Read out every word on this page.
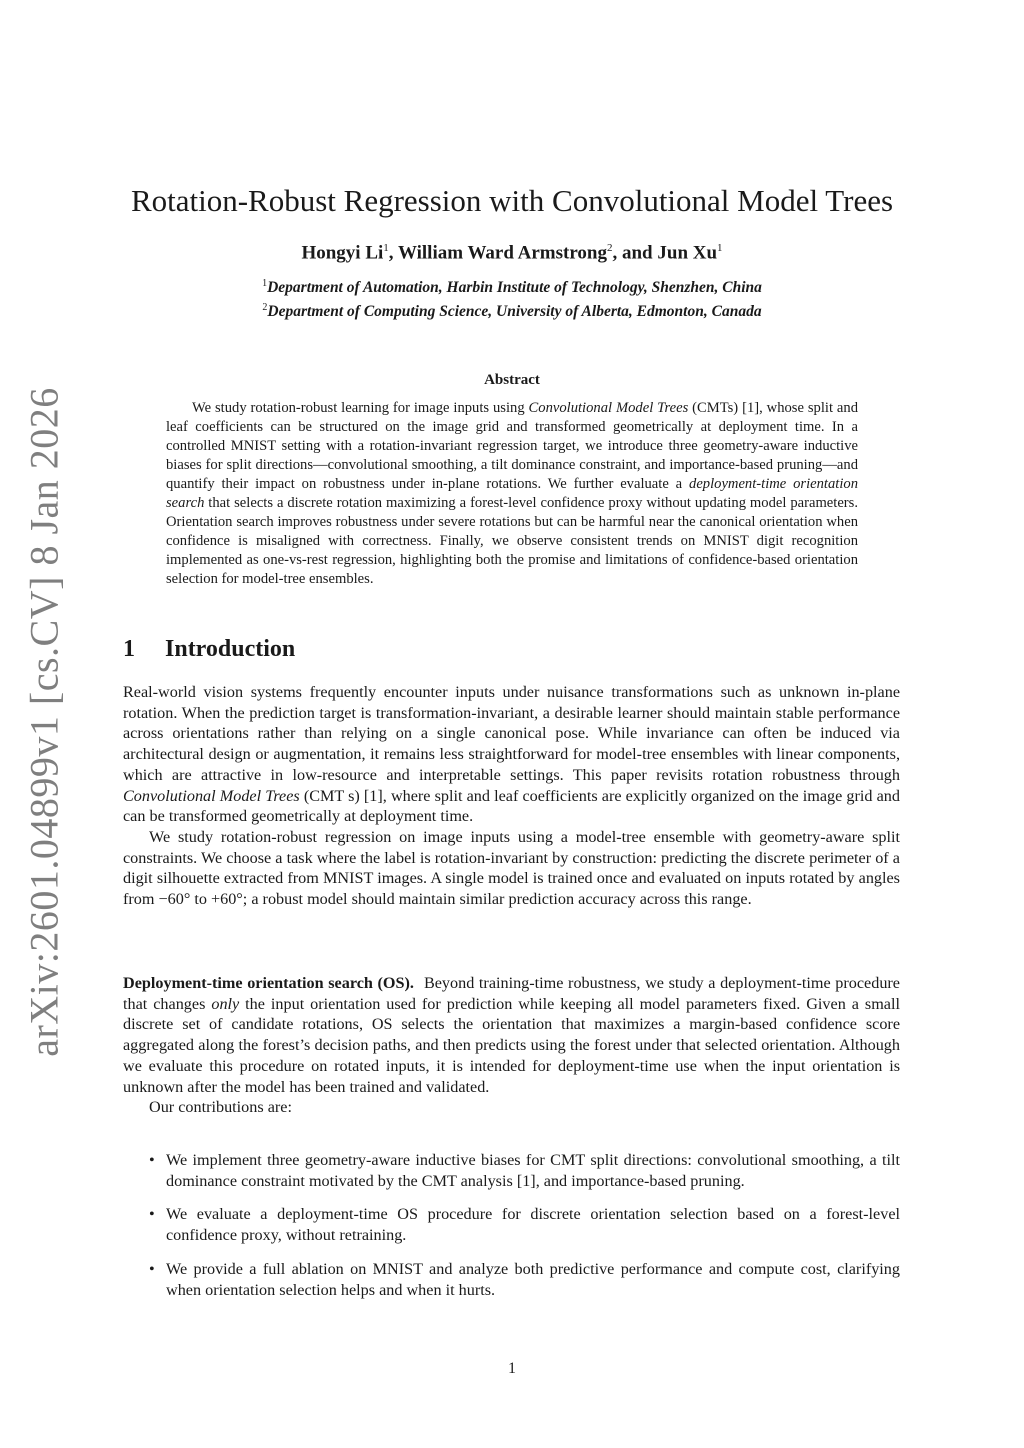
arXiv:2601.04899v1 [cs.CV] 8 Jan 2026
Rotation-Robust Regression with Convolutional Model Trees
Hongyi Li$^1$, William Ward Armstrong$^2$, and Jun Xu$^1$
$^1$Department of Automation, Harbin Institute of Technology, Shenzhen, China
$^2$Department of Computing Science, University of Alberta, Edmonton, Canada
Abstract

We study rotation-robust learning for image inputs using Convolutional Model Trees (CMTs) [1], whose split and leaf coefficients can be structured on the image grid and transformed geometrically at deployment time. In a controlled MNIST setting with a rotation-invariant regression target, we introduce three geometry-aware inductive biases for split directions—convolutional smoothing, a tilt dominance constraint, and importance-based pruning—and quantify their impact on robustness under in-plane rotations. We further evaluate a deployment-time orientation search that selects a discrete rotation maximizing a forest-level confidence proxy without updating model parameters. Orientation search improves robustness under severe rotations but can be harmful near the canonical orientation when confidence is misaligned with correctness. Finally, we observe consistent trends on MNIST digit recognition implemented as one-vs-rest regression, highlighting both the promise and limitations of confidence-based orientation selection for model-tree ensembles.

1 Introduction

Real-world vision systems frequently encounter inputs under nuisance transformations such as unknown in-plane rotation. When the prediction target is transformation-invariant, a desirable learner should maintain stable performance across orientations rather than relying on a single canonical pose. While invariance can often be induced via architectural design or augmentation, it remains less straightforward for model-tree ensembles with linear components, which are attractive in low-resource and interpretable settings. This paper revisits rotation robustness through Convolutional Model Trees (CMT s) [1], where split and leaf coefficients are explicitly organized on the image grid and can be transformed geometrically at deployment time.

We study rotation-robust regression on image inputs using a model-tree ensemble with geometry-aware split constraints. We choose a task where the label is rotation-invariant by construction: predicting the discrete perimeter of a digit silhouette extracted from MNIST images. A single model is trained once and evaluated on inputs rotated by angles from −60° to +60°; a robust model should maintain similar prediction accuracy across this range.

Deployment-time orientation search (OS). Beyond training-time robustness, we study a deployment-time procedure that changes only the input orientation used for prediction while keeping all model parameters fixed. Given a small discrete set of candidate rotations, OS selects the orientation that maximizes a margin-based confidence score aggregated along the forest’s decision paths, and then predicts using the forest under that selected orientation. Although we evaluate this procedure on rotated inputs, it is intended for deployment-time use when the input orientation is unknown after the model has been trained and validated.

Our contributions are:

• We implement three geometry-aware inductive biases for CMT split directions: convolutional smoothing, a tilt dominance constraint motivated by the CMT analysis [1], and importance-based pruning.
• We evaluate a deployment-time OS procedure for discrete orientation selection based on a forest-level confidence proxy, without retraining.
• We provide a full ablation on MNIST and analyze both predictive performance and compute cost, clarifying when orientation selection helps and when it hurts.
1
